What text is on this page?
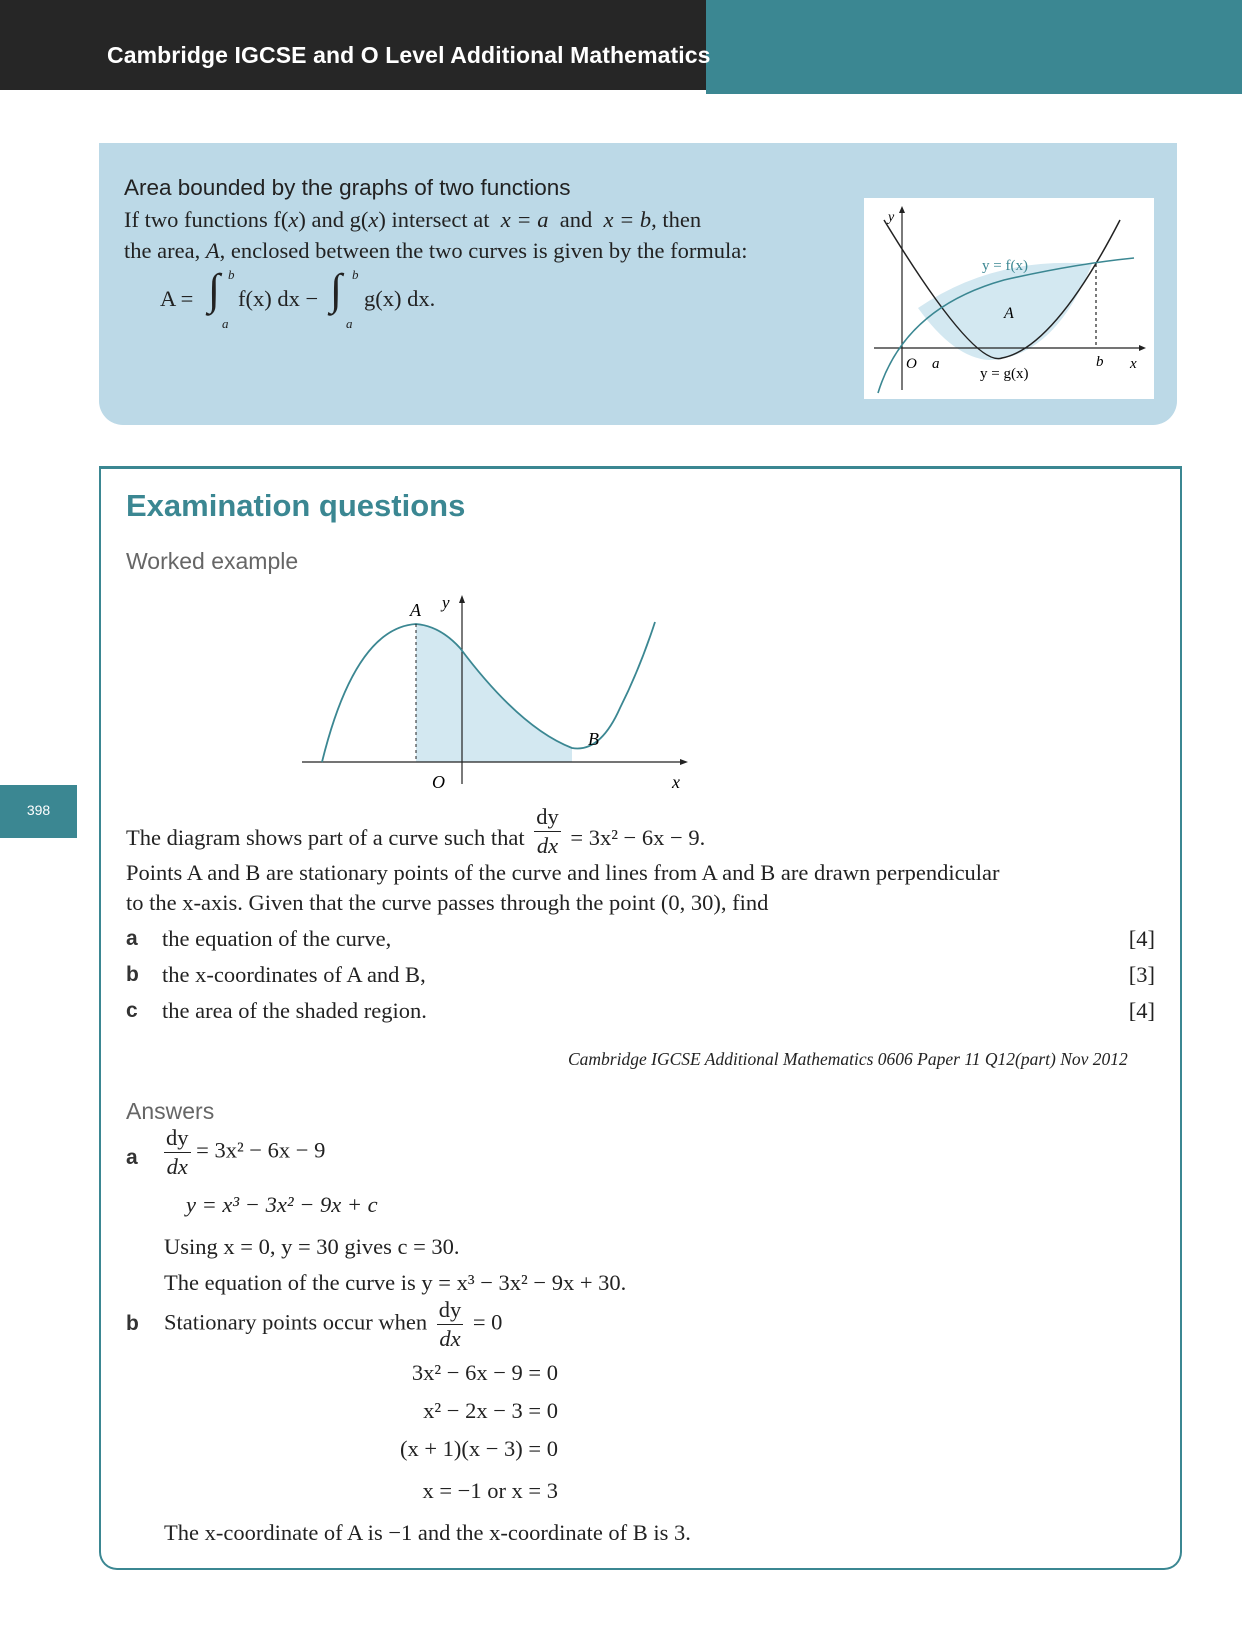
Cambridge IGCSE and O Level Additional Mathematics
Area bounded by the graphs of two functions
If two functions f(x) and g(x) intersect at x = a and x = b, then
the area, A, enclosed between the two curves is given by the formula:
A = ∫ b
a
f(x) dx − ∫ b
a
g(x) dx.
y
x
O a	b
y = f(x)
y = g(x)
A
Examination questions
Worked example
A
B
y
O	x
398
The diagram shows part of a curve such that $\frac{dy}{dx} = 3x^2 - 6x - 9$.
Points A and B are stationary points of the curve and lines from A and B are drawn perpendicular
to the x-axis. Given that the curve passes through the point (0, 30), find
a the equation of the curve,	[4]
b the x-coordinates of A and B,	[3]
c the area of the shaded region.	[4]
Cambridge IGCSE Additional Mathematics 0606 Paper 11 Q12(part) Nov 2012
Answers
a $\frac{dy}{dx} = 3x^2 - 6x - 9$
y = x³ − 3x² − 9x + c
Using x = 0, y = 30 gives c = 30.
The equation of the curve is y = x³ − 3x² − 9x + 30.
b Stationary points occur when $\frac{dy}{dx} = 0$
3x² − 6x − 9 = 0
x² − 2x − 3 = 0
(x + 1)(x − 3) = 0
x = −1 or x = 3
The x-coordinate of A is −1 and the x-coordinate of B is 3.
